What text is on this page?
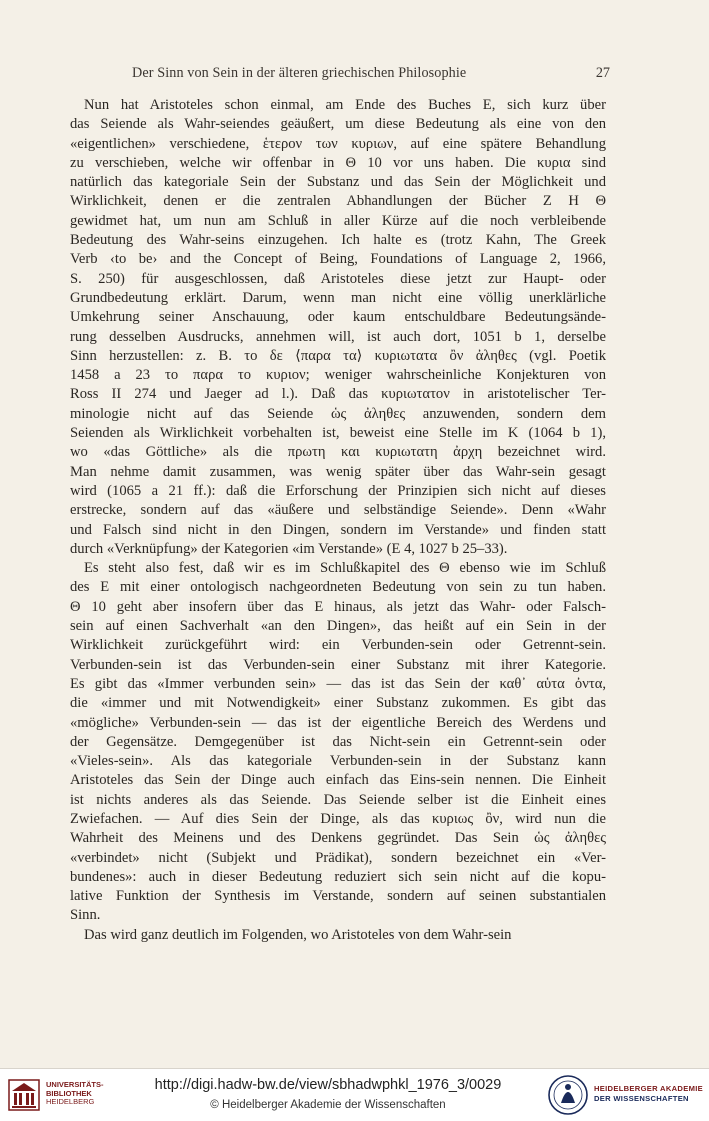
Der Sinn von Sein in der älteren griechischen Philosophie	27
Nun hat Aristoteles schon einmal, am Ende des Buches E, sich kurz über
das Seiende als Wahr-seiendes geäußert, um diese Bedeutung als eine von den
«eigentlichen» verschiedene, ἑτερον των κυριων, auf eine spätere Behandlung
zu verschieben, welche wir offenbar in Θ 10 vor uns haben. Die κυρια sind
natürlich das kategoriale Sein der Substanz und das Sein der Möglichkeit und
Wirklichkeit, denen er die zentralen Abhandlungen der Bücher Z H Θ
gewidmet hat, um nun am Schluß in aller Kürze auf die noch verbleibende
Bedeutung des Wahr-seins einzugehen. Ich halte es (trotz Kahn, The Greek
Verb ‹to be› and the Concept of Being, Foundations of Language 2, 1966,
S. 250) für ausgeschlossen, daß Aristoteles diese jetzt zur Haupt- oder
Grundbedeutung erklärt. Darum, wenn man nicht eine völlig unerklärliche
Umkehrung seiner Anschauung, oder kaum entschuldbare Bedeutungsände-
rung desselben Ausdrucks, annehmen will, ist auch dort, 1051 b 1, derselbe
Sinn herzustellen: z. B. το δε ⟨παρα τα⟩ κυριωτατα ὂν ἀληθες (vgl. Poetik
1458 a 23 το παρα το κυριον; weniger wahrscheinliche Konjekturen von
Ross II 274 und Jaeger ad l.). Daß das κυριωτατον in aristotelischer Ter-
minologie nicht auf das Seiende ὡς ἀληθες anzuwenden, sondern dem
Seienden als Wirklichkeit vorbehalten ist, beweist eine Stelle im K (1064 b 1),
wo «das Göttliche» als die πρωτη και κυριωτατη ἀρχη bezeichnet wird.
Man nehme damit zusammen, was wenig später über das Wahr-sein gesagt
wird (1065 a 21 ff.): daß die Erforschung der Prinzipien sich nicht auf dieses
erstrecke, sondern auf das «äußere und selbständige Seiende». Denn «Wahr
und Falsch sind nicht in den Dingen, sondern im Verstande» und finden statt
durch «Verknüpfung» der Kategorien «im Verstande» (E 4, 1027 b 25–33).
Es steht also fest, daß wir es im Schlußkapitel des Θ ebenso wie im Schluß
des E mit einer ontologisch nachgeordneten Bedeutung von sein zu tun haben.
Θ 10 geht aber insofern über das E hinaus, als jetzt das Wahr- oder Falsch-
sein auf einen Sachverhalt «an den Dingen», das heißt auf ein Sein in der
Wirklichkeit zurückgeführt wird: ein Verbunden-sein oder Getrennt-sein.
Verbunden-sein ist das Verbunden-sein einer Substanz mit ihrer Kategorie.
Es gibt das «Immer verbunden sein» — das ist das Sein der καθ᾽ αὑτα ὀντα,
die «immer und mit Notwendigkeit» einer Substanz zukommen. Es gibt das
«mögliche» Verbunden-sein — das ist der eigentliche Bereich des Werdens und
der Gegensätze. Demgegenüber ist das Nicht-sein ein Getrennt-sein oder
«Vieles-sein». Als das kategoriale Verbunden-sein in der Substanz kann
Aristoteles das Sein der Dinge auch einfach das Eins-sein nennen. Die Einheit
ist nichts anderes als das Seiende. Das Seiende selber ist die Einheit eines
Zwiefachen. — Auf dies Sein der Dinge, als das κυριως ὂν, wird nun die
Wahrheit des Meinens und des Denkens gegründet. Das Sein ὡς ἀληθες
«verbindet» nicht (Subjekt und Prädikat), sondern bezeichnet ein «Ver-
bundenes»: auch in dieser Bedeutung reduziert sich sein nicht auf die kopu-
lative Funktion der Synthesis im Verstande, sondern auf seinen substantialen
Sinn.
Das wird ganz deutlich im Folgenden, wo Aristoteles von dem Wahr-sein
UNIVERSITÄTS-
BIBLIOTHEK
HEIDELBERG
http://digi.hadw-bw.de/view/sbhadwphkl_1976_3/0029
© Heidelberger Akademie der Wissenschaften
HEIDELBERGER AKADEMIE
DER WISSENSCHAFTEN
